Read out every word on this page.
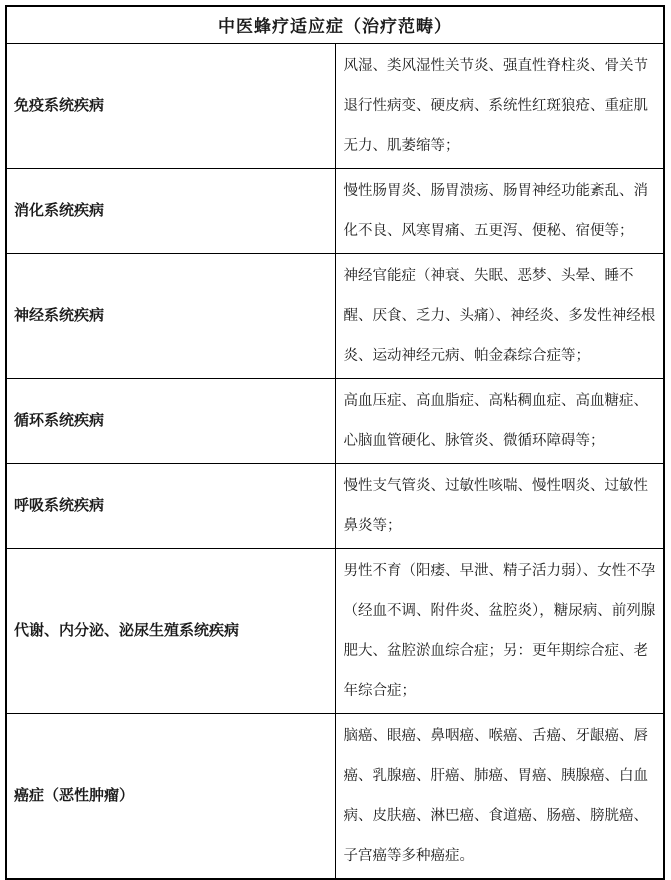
中医蜂疗适应症（治疗范畴）	
免疫系统疾病	风湿、类风湿性关节炎、强直性脊柱炎、骨关节退行性病变、硬皮病、系统性红斑狼疮、重症肌无力、肌萎缩等；
消化系统疾病	慢性肠胃炎、肠胃溃疡、肠胃神经功能紊乱、消化不良、风寒胃痛、五更泻、便秘、宿便等；
神经系统疾病	神经官能症（神衰、失眠、恶梦、头晕、睡不醒、厌食、乏力、头痛）、神经炎、多发性神经根炎、运动神经元病、帕金森综合症等；
循环系统疾病	高血压症、高血脂症、高粘稠血症、高血糖症、心脑血管硬化、脉管炎、微循环障碍等；
呼吸系统疾病	慢性支气管炎、过敏性咳喘、慢性咽炎、过敏性鼻炎等；
代谢、内分泌、泌尿生殖系统疾病	男性不育（阳痿、早泄、精子活力弱）、女性不孕（经血不调、附件炎、盆腔炎），糖尿病、前列腺肥大、盆腔淤血综合症；另：更年期综合症、老年综合症；
癌症（恶性肿瘤）	脑癌、眼癌、鼻咽癌、喉癌、舌癌、牙龈癌、唇癌、乳腺癌、肝癌、肺癌、胃癌、胰腺癌、白血病、皮肤癌、淋巴癌、食道癌、肠癌、膀胱癌、子宫癌等多种癌症。
